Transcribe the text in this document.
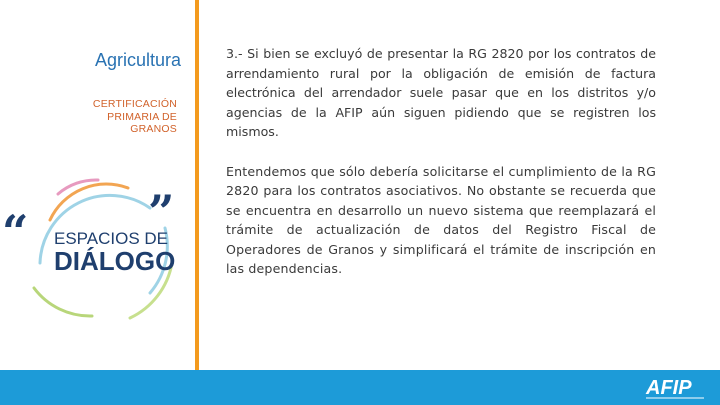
Agricultura
CERTIFICACIÓN
PRIMARIA DE
GRANOS
“	”
ESPACIOS DE
DIÁLOGO

3.- Si bien se excluyó de presentar la RG 2820 por los contratos de arrendamiento rural por la obligación de emisión de factura electrónica del arrendador suele pasar que en los distritos y/o agencias de la AFIP aún siguen pidiendo que se registren los mismos.

Entendemos que sólo debería solicitarse el cumplimiento de la RG 2820 para los contratos asociativos. No obstante se recuerda que se encuentra en desarrollo un nuevo sistema que reemplazará el trámite de actualización de datos del Registro Fiscal de Operadores de Granos y simplificará el trámite de inscripción en las dependencias.

AFIP
